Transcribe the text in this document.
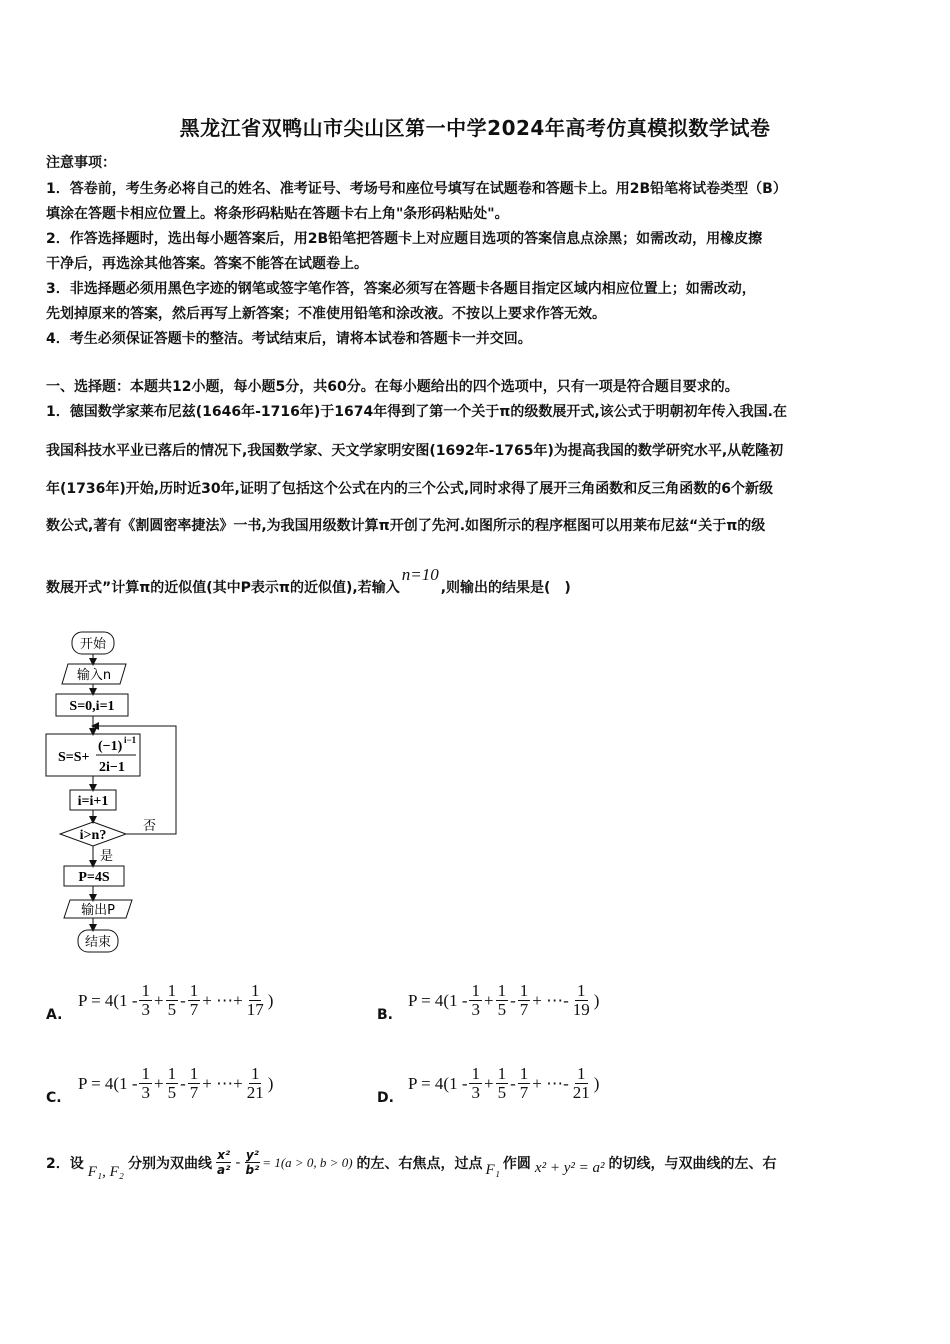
黑龙江省双鸭山市尖山区第一中学2024年高考仿真模拟数学试卷
注意事项：
1．答卷前，考生务必将自己的姓名、准考证号、考场号和座位号填写在试题卷和答题卡上。用2B铅笔将试卷类型（B）
填涂在答题卡相应位置上。将条形码粘贴在答题卡右上角"条形码粘贴处"。
2．作答选择题时，选出每小题答案后，用2B铅笔把答题卡上对应题目选项的答案信息点涂黑；如需改动，用橡皮擦
干净后，再选涂其他答案。答案不能答在试题卷上。
3．非选择题必须用黑色字迹的钢笔或签字笔作答，答案必须写在答题卡各题目指定区域内相应位置上；如需改动，
先划掉原来的答案，然后再写上新答案；不准使用铅笔和涂改液。不按以上要求作答无效。
4．考生必须保证答题卡的整洁。考试结束后，请将本试卷和答题卡一并交回。
一、选择题：本题共12小题，每小题5分，共60分。在每小题给出的四个选项中，只有一项是符合题目要求的。
1．德国数学家莱布尼兹(1646年-1716年)于1674年得到了第一个关于π的级数展开式,该公式于明朝初年传入我国.在
我国科技水平业已落后的情况下,我国数学家、天文学家明安图(1692年-1765年)为提高我国的数学研究水平,从乾隆初
年(1736年)开始,历时近30年,证明了包括这个公式在内的三个公式,同时求得了展开三角函数和反三角函数的6个新级
数公式,著有《割圆密率捷法》一书,为我国用级数计算π开创了先河.如图所示的程序框图可以用莱布尼兹“关于π的级
数展开式”计算π的近似值(其中P表示π的近似值),若输入n=10,则输出的结果是(　)
开始
输入n
S=0,i=1
S=S+
(−1) i−1
2i−1
i=i+1
i>n?
否
是
P=4S
输出P
结束
A.
$P = 4(1 - \frac{1}{3} + \frac{1}{5} - \frac{1}{7}$ + ⋯ + $\frac{1}{17}$ )
B.
$P = 4(1 - \frac{1}{3} + \frac{1}{5} - \frac{1}{7}$ + ⋯ - $\frac{1}{19}$ )
C.
$P = 4(1 - \frac{1}{3} + \frac{1}{5} - \frac{1}{7}$ + ⋯ + $\frac{1}{21}$ )
D.
$P = 4(1 - \frac{1}{3} + \frac{1}{5} - \frac{1}{7}$ + ⋯ - $\frac{1}{21}$ )
2．设
F₁, F₂
分别为双曲线 $\frac{\text{x²}}{\text{a²}} - \frac{\text{y²}}{\text{b²}} = 1(a > 0$, b > 0) 的左、右焦点，过点 F₁ 作圆 x² + y² = a² 的切线，与双曲线的左、右
